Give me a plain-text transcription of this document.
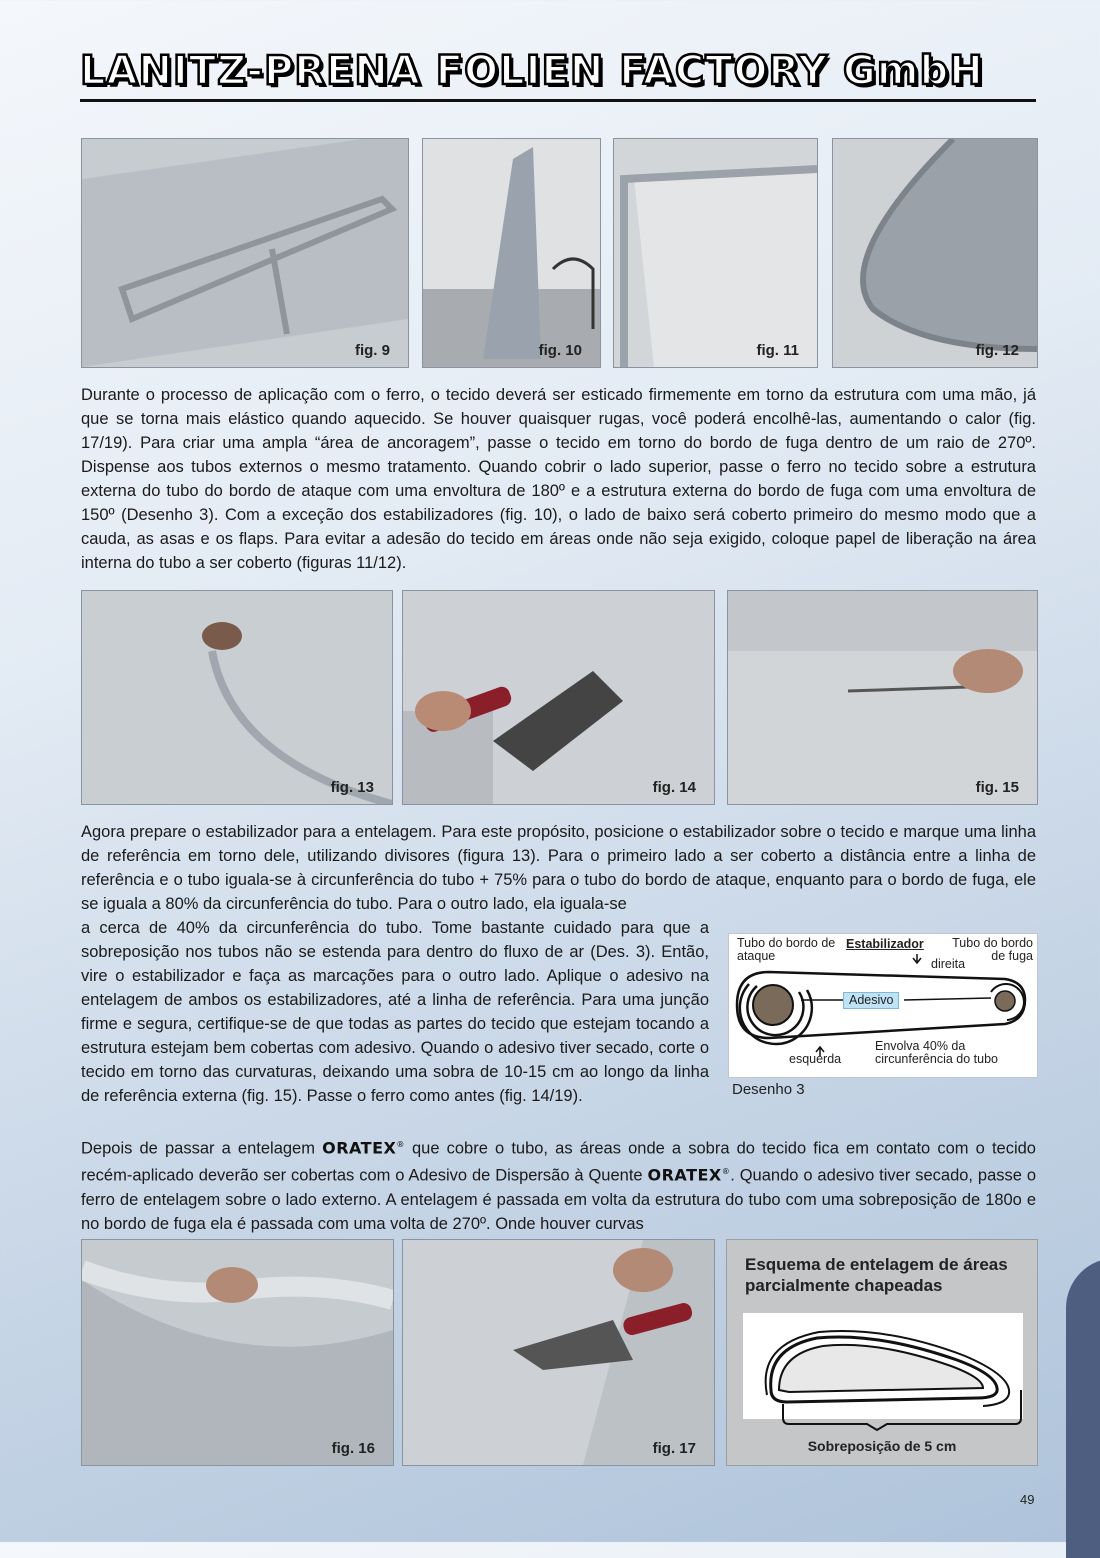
LANITZ-PRENA FOLIEN FACTORY GmbH
fig. 9	fig. 10	fig. 11	fig. 12

Durante o processo de aplicação com o ferro, o tecido deverá ser esticado firmemente em torno da estrutura com uma mão, já que se torna mais elástico quando aquecido. Se houver quaisquer rugas, você poderá encolhê-las, aumentando o calor (fig. 17/19). Para criar uma ampla “área de ancoragem”, passe o tecido em torno do bordo de fuga dentro de um raio de 270º. Dispense aos tubos externos o mesmo tratamento. Quando cobrir o lado superior, passe o ferro no tecido sobre a estrutura externa do tubo do bordo de ataque com uma envoltura de 180º e a estrutura externa do bordo de fuga com uma envoltura de 150º (Desenho 3). Com a exceção dos estabilizadores (fig. 10), o lado de baixo será coberto primeiro do mesmo modo que a cauda, as asas e os flaps. Para evitar a adesão do tecido em áreas onde não seja exigido, coloque papel de liberação na área interna do tubo a ser coberto (figuras 11/12).

fig. 13	fig. 14	fig. 15

Agora prepare o estabilizador para a entelagem. Para este propósito, posicione o estabilizador sobre o tecido e marque uma linha de referência em torno dele, utilizando divisores (figura 13). Para o primeiro lado a ser coberto a distância entre a linha de referência e o tubo iguala-se à circunferência do tubo + 75% para o tubo do bordo de ataque, enquanto para o bordo de fuga, ele se iguala a 80% da circunferência do tubo. Para o outro lado, ela iguala-se

a cerca de 40% da circunferência do tubo. Tome bastante cuidado para que a sobreposição nos tubos não se estenda para dentro do fluxo de ar (Des. 3). Então, vire o estabilizador e faça as marcações para o outro lado. Aplique o adesivo na entelagem de ambos os estabilizadores, até a linha de referência. Para uma junção firme e segura, certifique-se de que todas as partes do tecido que estejam tocando a estrutura estejam bem cobertas com adesivo. Quando o adesivo tiver secado, corte o tecido em torno das curvaturas, deixando uma sobra de 10-15 cm ao longo da linha de referência externa (fig. 15). Passe o ferro como antes (fig. 14/19).

Tubo do bordo de ataque
Estabilizador
direita
Tubo do bordo de fuga
Adesivo
esquerda
Envolva 40% da circunferência do tubo
Desenho 3

Depois de passar a entelagem ORATEX® que cobre o tubo, as áreas onde a sobra do tecido fica em contato com o tecido recém-aplicado deverão ser cobertas com o Adesivo de Dispersão à Quente ORATEX®. Quando o adesivo tiver secado, passe o ferro de entelagem sobre o lado externo. A entelagem é passada em volta da estrutura do tubo com uma sobreposição de 180o e no bordo de fuga ela é passada com uma volta de 270º. Onde houver curvas

fig. 16	fig. 17
Esquema de entelagem de áreas parcialmente chapeadas
Sobreposição de 5 cm
49
